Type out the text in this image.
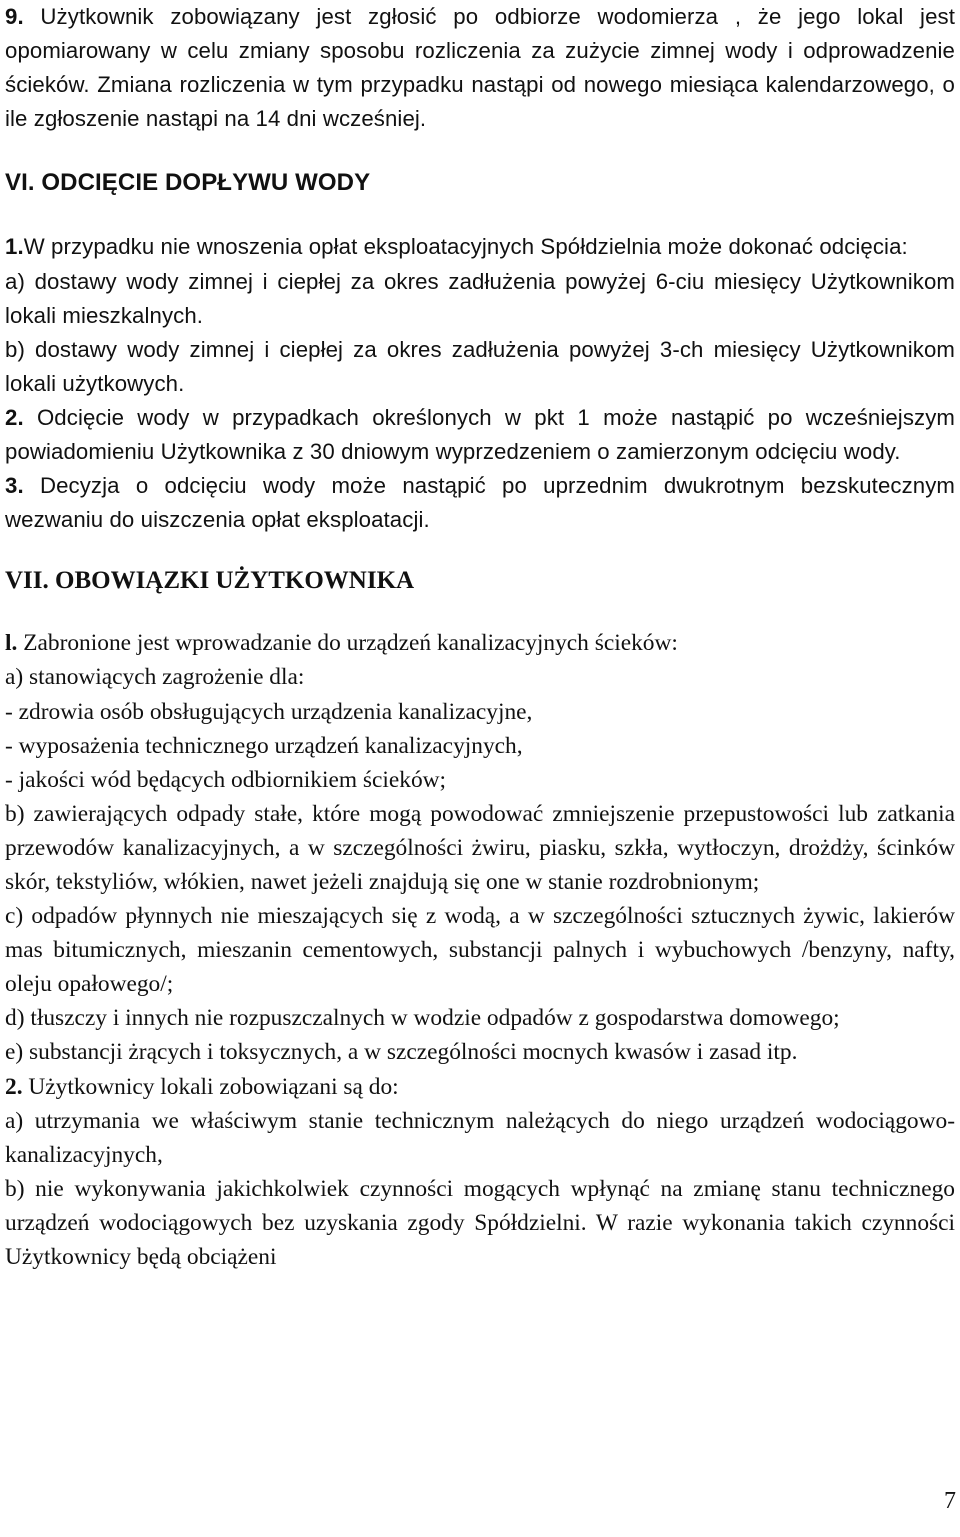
9. Użytkownik zobowiązany jest zgłosić po odbiorze wodomierza , że jego lokal jest opomiarowany w celu zmiany sposobu rozliczenia za zużycie zimnej wody i odprowadzenie ścieków. Zmiana rozliczenia w tym przypadku nastąpi od nowego miesiąca kalendarzowego, o ile zgłoszenie nastąpi na 14 dni wcześniej.

VI. ODCIĘCIE DOPŁYWU WODY

1.W przypadku nie wnoszenia opłat eksploatacyjnych Spółdzielnia może dokonać odcięcia:

a) dostawy wody zimnej i ciepłej za okres zadłużenia powyżej 6-ciu miesięcy Użytkownikom lokali mieszkalnych.

b) dostawy wody zimnej i ciepłej za okres zadłużenia powyżej 3-ch miesięcy Użytkownikom lokali użytkowych.

2. Odcięcie wody w przypadkach określonych w pkt 1 może nastąpić po wcześniejszym powiadomieniu Użytkownika z 30 dniowym wyprzedzeniem o zamierzonym odcięciu wody.

3. Decyzja o odcięciu wody może nastąpić po uprzednim dwukrotnym bezskutecznym wezwaniu do uiszczenia opłat eksploatacji.

VII. OBOWIĄZKI UŻYTKOWNIKA

l. Zabronione jest wprowadzanie do urządzeń kanalizacyjnych ścieków:

a) stanowiących zagrożenie dla:

- zdrowia osób obsługujących urządzenia kanalizacyjne,

- wyposażenia technicznego urządzeń kanalizacyjnych,

- jakości wód będących odbiornikiem ścieków;

b) zawierających odpady stałe, które mogą powodować zmniejszenie przepustowości lub zatkania przewodów kanalizacyjnych, a w szczególności żwiru, piasku, szkła, wytłoczyn, drożdży, ścinków skór, tekstyliów, włókien, nawet jeżeli znajdują się one w stanie rozdrobnionym;

c) odpadów płynnych nie mieszających się z wodą, a w szczególności sztucznych żywic, lakierów mas bitumicznych, mieszanin cementowych, substancji palnych i wybuchowych /benzyny, nafty, oleju opałowego/;

d) tłuszczy i innych nie rozpuszczalnych w wodzie odpadów z gospodarstwa domowego;

e) substancji żrących i toksycznych, a w szczególności mocnych kwasów i zasad itp.

2. Użytkownicy lokali zobowiązani są do:

a) utrzymania we właściwym stanie technicznym należących do niego urządzeń wodociągowo-kanalizacyjnych,

b) nie wykonywania jakichkolwiek czynności mogących wpłynąć na zmianę stanu technicznego urządzeń wodociągowych bez uzyskania zgody Spółdzielni. W razie wykonania takich czynności Użytkownicy będą obciążeni

7
